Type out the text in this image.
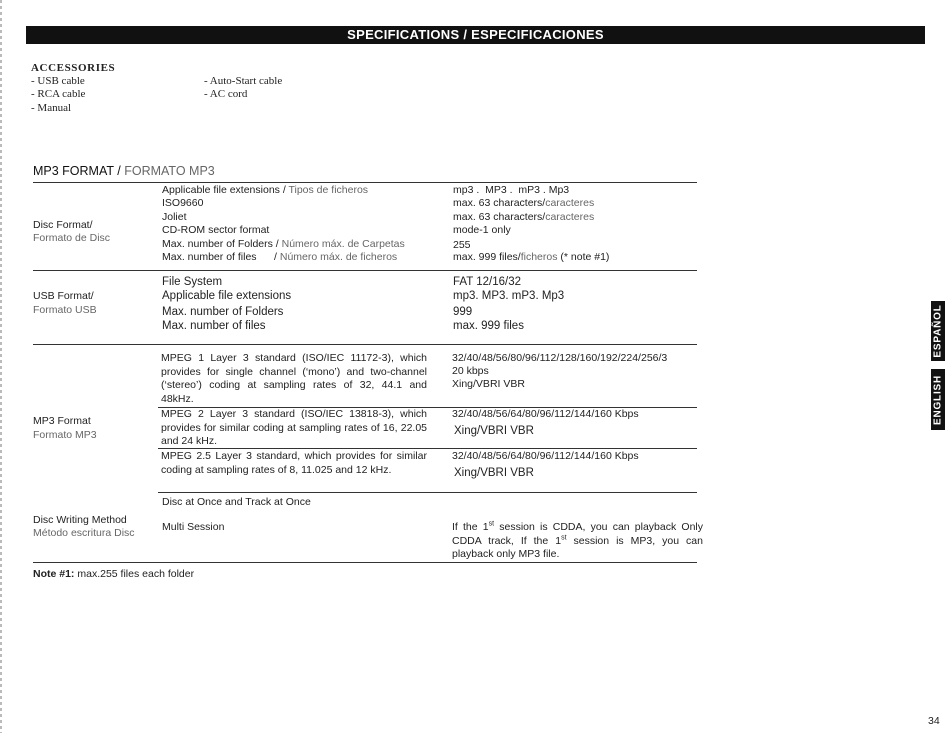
SPECIFICATIONS / ESPECIFICACIONES
ACCESSORIES
- USB cable
- RCA cable
- Manual
- Auto-Start cable
- AC cord
MP3 FORMAT / FORMATO MP3
Disc Format/
Formato de Disc
Applicable file extensions / Tipos de ficheros
ISO9660
Joliet
CD-ROM sector format
Max. number of Folders / Número máx. de Carpetas
Max. number of files      / Número máx. de ficheros
mp3 .  MP3 .  mP3 . Mp3
max. 63 characters/caracteres
max. 63 characters/caracteres
mode-1 only
255
max. 999 files/ficheros (* note #1)
USB Format/
Formato USB
File System
Applicable file extensions
Max. number of Folders
Max. number of files
FAT 12/16/32
mp3. MP3. mP3. Mp3
999
max. 999 files
MP3 Format
Formato MP3
MPEG 1 Layer 3 standard (ISO/IEC 11172-3), which provides for single channel (‘mono’) and two-channel (‘stereo’) coding at sampling rates of 32, 44.1 and 48kHz.
32/40/48/56/80/96/112/128/160/192/224/256/3
20 kbps
Xing/VBRI VBR
MPEG 2 Layer 3 standard (ISO/IEC 13818-3), which provides for similar coding at sampling rates of 16, 22.05 and 24 kHz.
32/40/48/56/64/80/96/112/144/160 Kbps
Xing/VBRI VBR
MPEG 2.5 Layer 3 standard, which provides for similar coding at sampling rates of 8, 11.025 and 12 kHz.
32/40/48/56/64/80/96/112/144/160 Kbps
Xing/VBRI VBR
Disc Writing Method
Método escritura Disc
Disc at Once and Track at Once
Multi Session	If the 1st session is CDDA, you can playback Only CDDA track, If the 1st session is MP3, you can playback only MP3 file.
Note #1: max.255 files each folder
ESPAÑOL
ENGLISH
34
